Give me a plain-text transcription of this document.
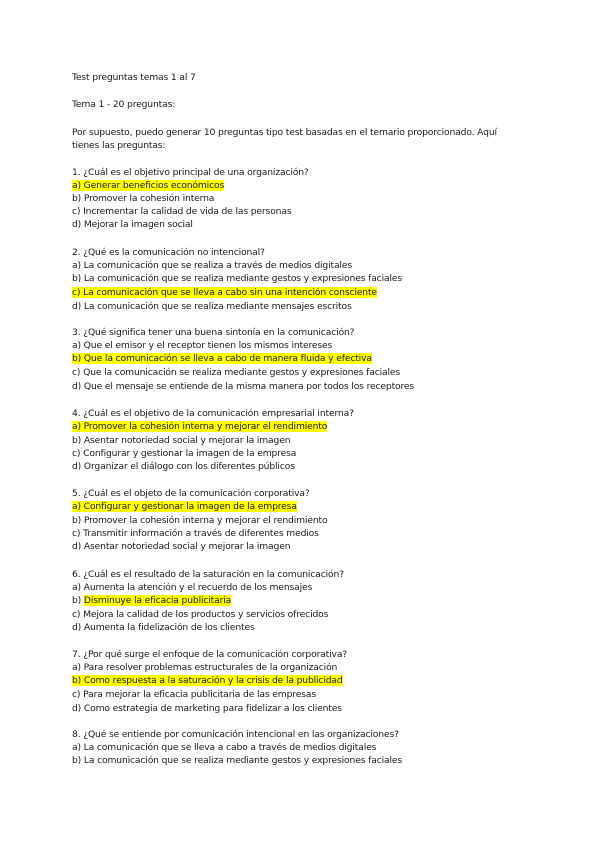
Test preguntas temas 1 al 7
Tema 1 - 20 preguntas:
Por supuesto, puedo generar 10 preguntas tipo test basadas en el temario proporcionado. Aquí tienes las preguntas:
1. ¿Cuál es el objetivo principal de una organización?
a) Generar beneficios económicos
b) Promover la cohesión interna
c) Incrementar la calidad de vida de las personas
d) Mejorar la imagen social
2. ¿Qué es la comunicación no intencional?
a) La comunicación que se realiza a través de medios digitales
b) La comunicación que se realiza mediante gestos y expresiones faciales
c) La comunicación que se lleva a cabo sin una intención consciente
d) La comunicación que se realiza mediante mensajes escritos
3. ¿Qué significa tener una buena sintonía en la comunicación?
a) Que el emisor y el receptor tienen los mismos intereses
b) Que la comunicación se lleva a cabo de manera fluida y efectiva
c) Que la comunicación se realiza mediante gestos y expresiones faciales
d) Que el mensaje se entiende de la misma manera por todos los receptores
4. ¿Cuál es el objetivo de la comunicación empresarial interna?
a) Promover la cohesión interna y mejorar el rendimiento
b) Asentar notoriedad social y mejorar la imagen
c) Configurar y gestionar la imagen de la empresa
d) Organizar el diálogo con los diferentes públicos
5. ¿Cuál es el objeto de la comunicación corporativa?
a) Configurar y gestionar la imagen de la empresa
b) Promover la cohesión interna y mejorar el rendimiento
c) Transmitir información a través de diferentes medios
d) Asentar notoriedad social y mejorar la imagen
6. ¿Cuál es el resultado de la saturación en la comunicación?
a) Aumenta la atención y el recuerdo de los mensajes
b) Disminuye la eficacia publicitaria
c) Mejora la calidad de los productos y servicios ofrecidos
d) Aumenta la fidelización de los clientes
7. ¿Por qué surge el enfoque de la comunicación corporativa?
a) Para resolver problemas estructurales de la organización
b) Como respuesta a la saturación y la crisis de la publicidad
c) Para mejorar la eficacia publicitaria de las empresas
d) Como estrategia de marketing para fidelizar a los clientes
8. ¿Qué se entiende por comunicación intencional en las organizaciones?
a) La comunicación que se lleva a cabo a través de medios digitales
b) La comunicación que se realiza mediante gestos y expresiones faciales
